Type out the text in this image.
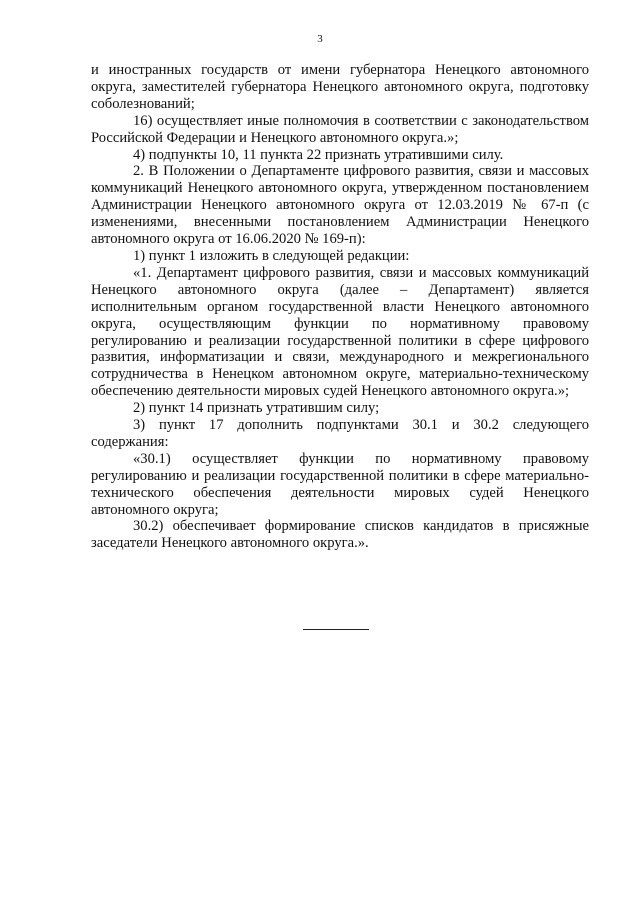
3

и иностранных государств от имени губернатора Ненецкого автономного округа, заместителей губернатора Ненецкого автономного округа, подготовку соболезнований;

16) осуществляет иные полномочия в соответствии с законодательством Российской Федерации и Ненецкого автономного округа.»;

4) подпункты 10, 11 пункта 22 признать утратившими силу.

2. В Положении о Департаменте цифрового развития, связи и массовых коммуникаций Ненецкого автономного округа, утвержденном постановлением Администрации Ненецкого автономного округа от 12.03.2019 № 67-п (с изменениями, внесенными постановлением Администрации Ненецкого автономного округа от 16.06.2020 № 169-п):

1) пункт 1 изложить в следующей редакции:

«1. Департамент цифрового развития, связи и массовых коммуникаций Ненецкого автономного округа (далее – Департамент) является исполнительным органом государственной власти Ненецкого автономного округа, осуществляющим функции по нормативному правовому регулированию и реализации государственной политики в сфере цифрового развития, информатизации и связи, международного и межрегионального сотрудничества в Ненецком автономном округе, материально-техническому обеспечению деятельности мировых судей Ненецкого автономного округа.»;

2) пункт 14 признать утратившим силу;

3) пункт 17 дополнить подпунктами 30.1 и 30.2 следующего содержания:

«30.1) осуществляет функции по нормативному правовому регулированию и реализации государственной политики в сфере материально-технического обеспечения деятельности мировых судей Ненецкого автономного округа;

30.2) обеспечивает формирование списков кандидатов в присяжные заседатели Ненецкого автономного округа.».
